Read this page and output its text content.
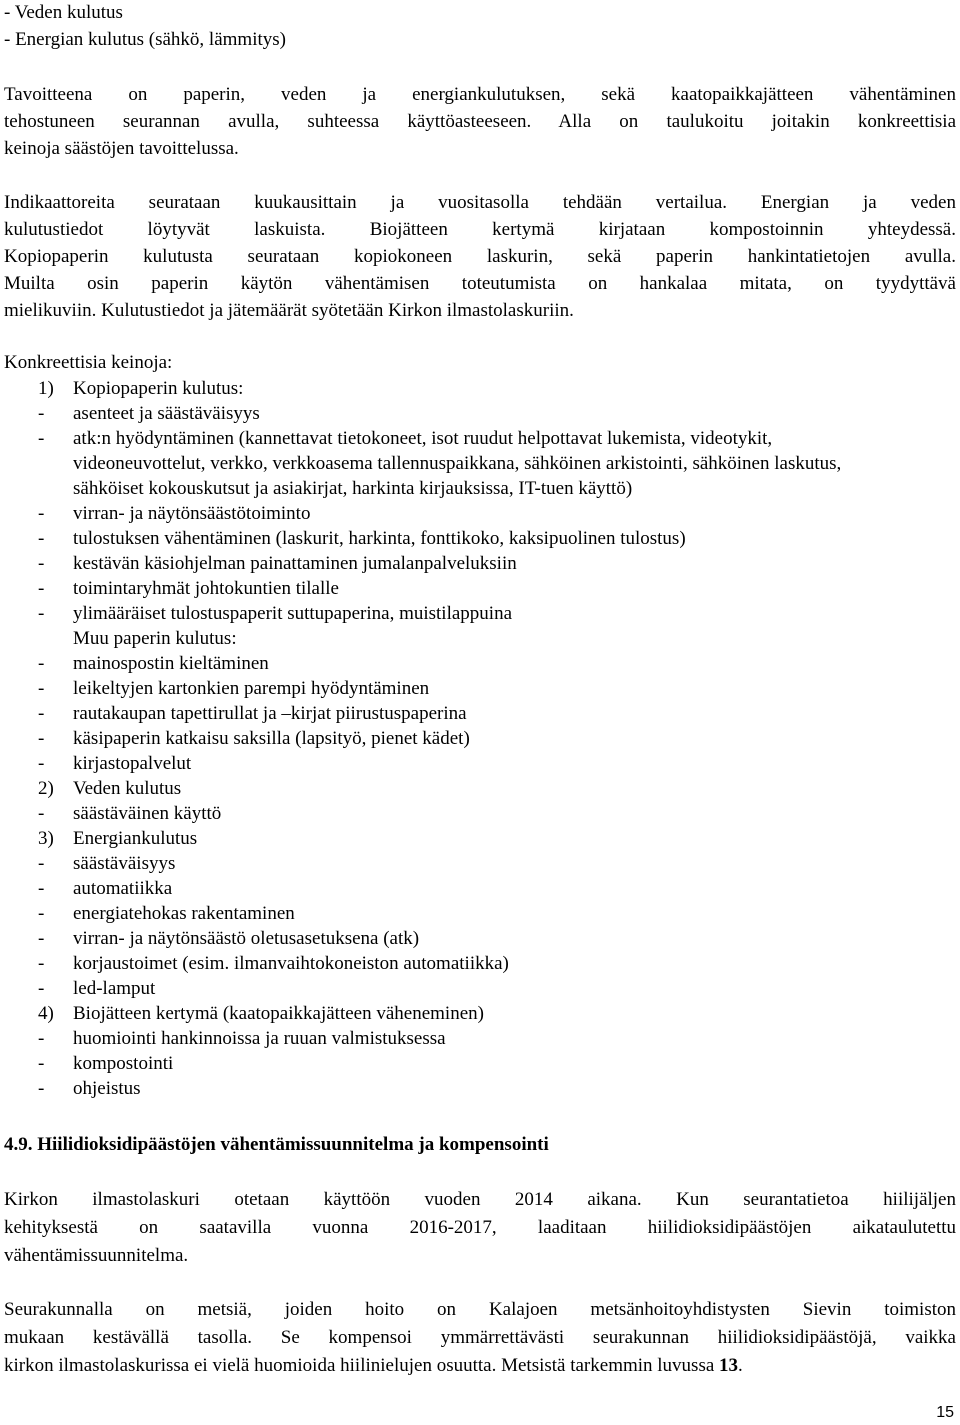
- Veden kulutus
- Energian kulutus (sähkö, lämmitys)
Tavoitteena on paperin, veden ja energiankulutuksen, sekä kaatopaikkajätteen vähentäminen
tehostuneen seurannan avulla, suhteessa käyttöasteeseen. Alla on taulukoitu joitakin konkreettisia
keinoja säästöjen tavoittelussa.
Indikaattoreita seurataan kuukausittain ja vuositasolla tehdään vertailua. Energian ja veden
kulutustiedot löytyvät laskuista. Biojätteen kertymä kirjataan kompostoinnin yhteydessä.
Kopiopaperin kulutusta seurataan kopiokoneen laskurin, sekä paperin hankintatietojen avulla.
Muilta osin paperin käytön vähentämisen toteutumista on hankalaa mitata, on tyydyttävä
mielikuviin. Kulutustiedot ja jätemäärät syötetään Kirkon ilmastolaskuriin.
Konkreettisia keinoja:
1)	Kopiopaperin kulutus:
-	asenteet ja säästäväisyys
-	atk:n hyödyntäminen (kannettavat tietokoneet, isot ruudut helpottavat lukemista, videotykit,
videoneuvottelut, verkko, verkkoasema tallennuspaikkana, sähköinen arkistointi, sähköinen laskutus,
sähköiset kokouskutsut ja asiakirjat, harkinta kirjauksissa, IT-tuen käyttö)
-	virran- ja näytönsäästötoiminto
-	tulostuksen vähentäminen (laskurit, harkinta, fonttikoko, kaksipuolinen tulostus)
-	kestävän käsiohjelman painattaminen jumalanpalveluksiin
-	toimintaryhmät johtokuntien tilalle
-	ylimääräiset tulostuspaperit suttupaperina, muistilappuina
Muu paperin kulutus:
-	mainospostin kieltäminen
-	leikeltyjen kartonkien parempi hyödyntäminen
-	rautakaupan tapettirullat ja –kirjat piirustuspaperina
-	käsipaperin katkaisu saksilla (lapsityö, pienet kädet)
-	kirjastopalvelut
2)	Veden kulutus
-	säästäväinen käyttö
3)	Energiankulutus
-	säästäväisyys
-	automatiikka
-	energiatehokas rakentaminen
-	virran- ja näytönsäästö oletusasetuksena (atk)
-	korjaustoimet (esim. ilmanvaihtokoneiston automatiikka)
-	led-lamput
4)	Biojätteen kertymä (kaatopaikkajätteen väheneminen)
-	huomiointi hankinnoissa ja ruuan valmistuksessa
-	kompostointi
-	ohjeistus
4.9. Hiilidioksidipäästöjen vähentämissuunnitelma ja kompensointi
Kirkon ilmastolaskuri otetaan käyttöön vuoden 2014 aikana. Kun seurantatietoa hiilijäljen
kehityksestä on saatavilla vuonna 2016-2017, laaditaan hiilidioksidipäästöjen aikataulutettu
vähentämissuunnitelma.
Seurakunnalla on metsiä, joiden hoito on Kalajoen metsänhoitoyhdistysten Sievin toimiston
mukaan kestävällä tasolla. Se kompensoi ymmärrettävästi seurakunnan hiilidioksidipäästöjä, vaikka
kirkon ilmastolaskurissa ei vielä huomioida hiilinielujen osuutta. Metsistä tarkemmin luvussa 13.
15
